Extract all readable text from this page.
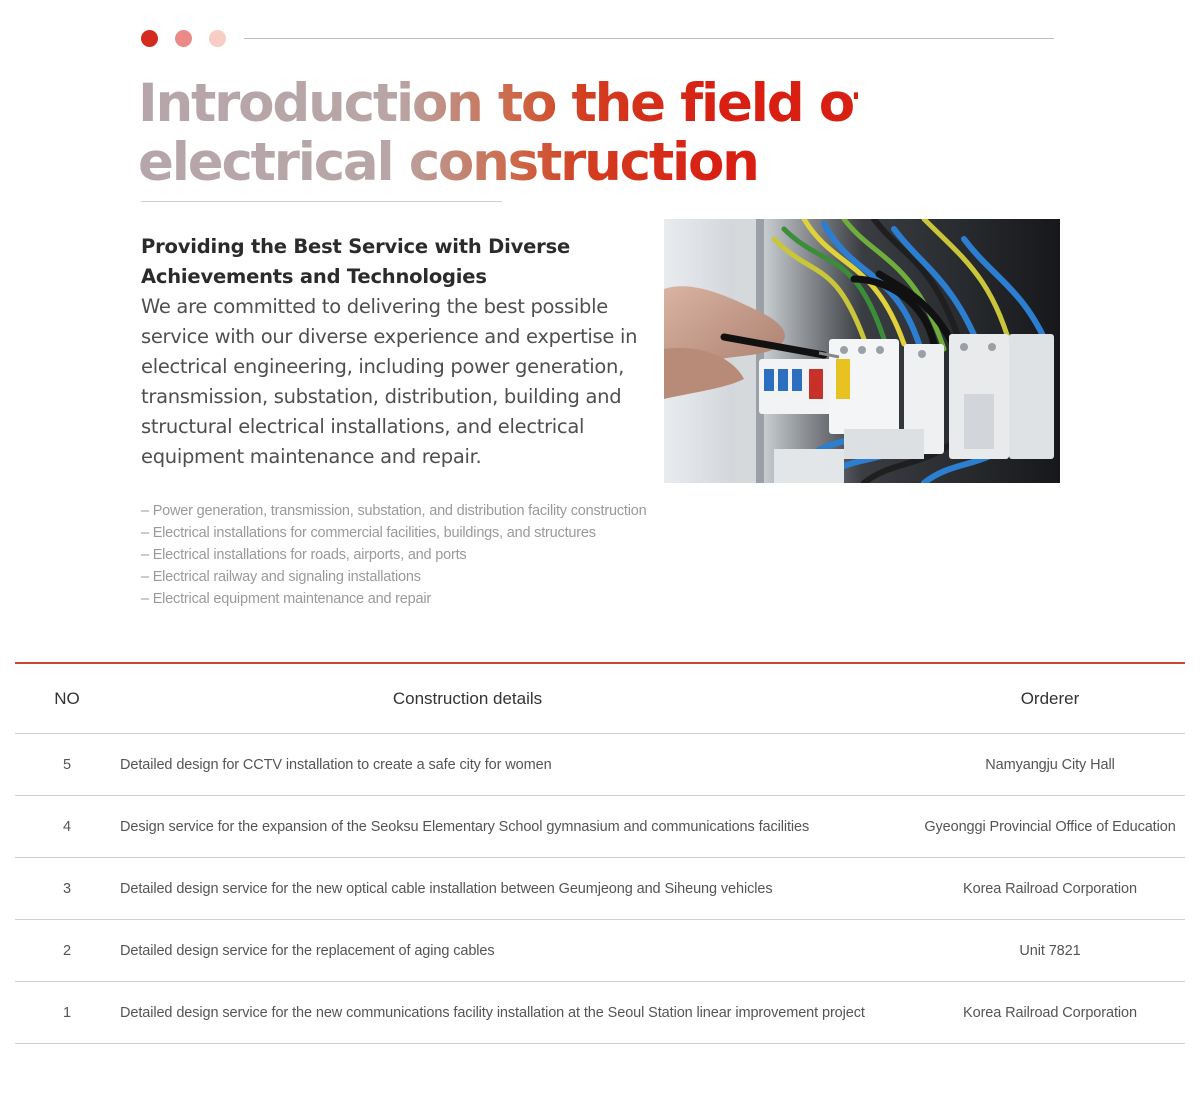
Introduction to the field of
electrical construction
Providing the Best Service with Diverse Achievements and Technologies

We are committed to delivering the best possible service with our diverse experience and expertise in electrical engineering, including power generation, transmission, substation, distribution, building and structural electrical installations, and electrical equipment maintenance and repair.

– Power generation, transmission, substation, and distribution facility construction
– Electrical installations for commercial facilities, buildings, and structures
– Electrical installations for roads, airports, and ports
– Electrical railway and signaling installations
– Electrical equipment maintenance and repair
NO	Construction details	Orderer
5	Detailed design for CCTV installation to create a safe city for women	Namyangju City Hall
4	Design service for the expansion of the Seoksu Elementary School gymnasium and communications facilities	Gyeonggi Provincial Office of Education
3	Detailed design service for the new optical cable installation between Geumjeong and Siheung vehicles	Korea Railroad Corporation
2	Detailed design service for the replacement of aging cables	Unit 7821
1	Detailed design service for the new communications facility installation at the Seoul Station linear improvement project	Korea Railroad Corporation
